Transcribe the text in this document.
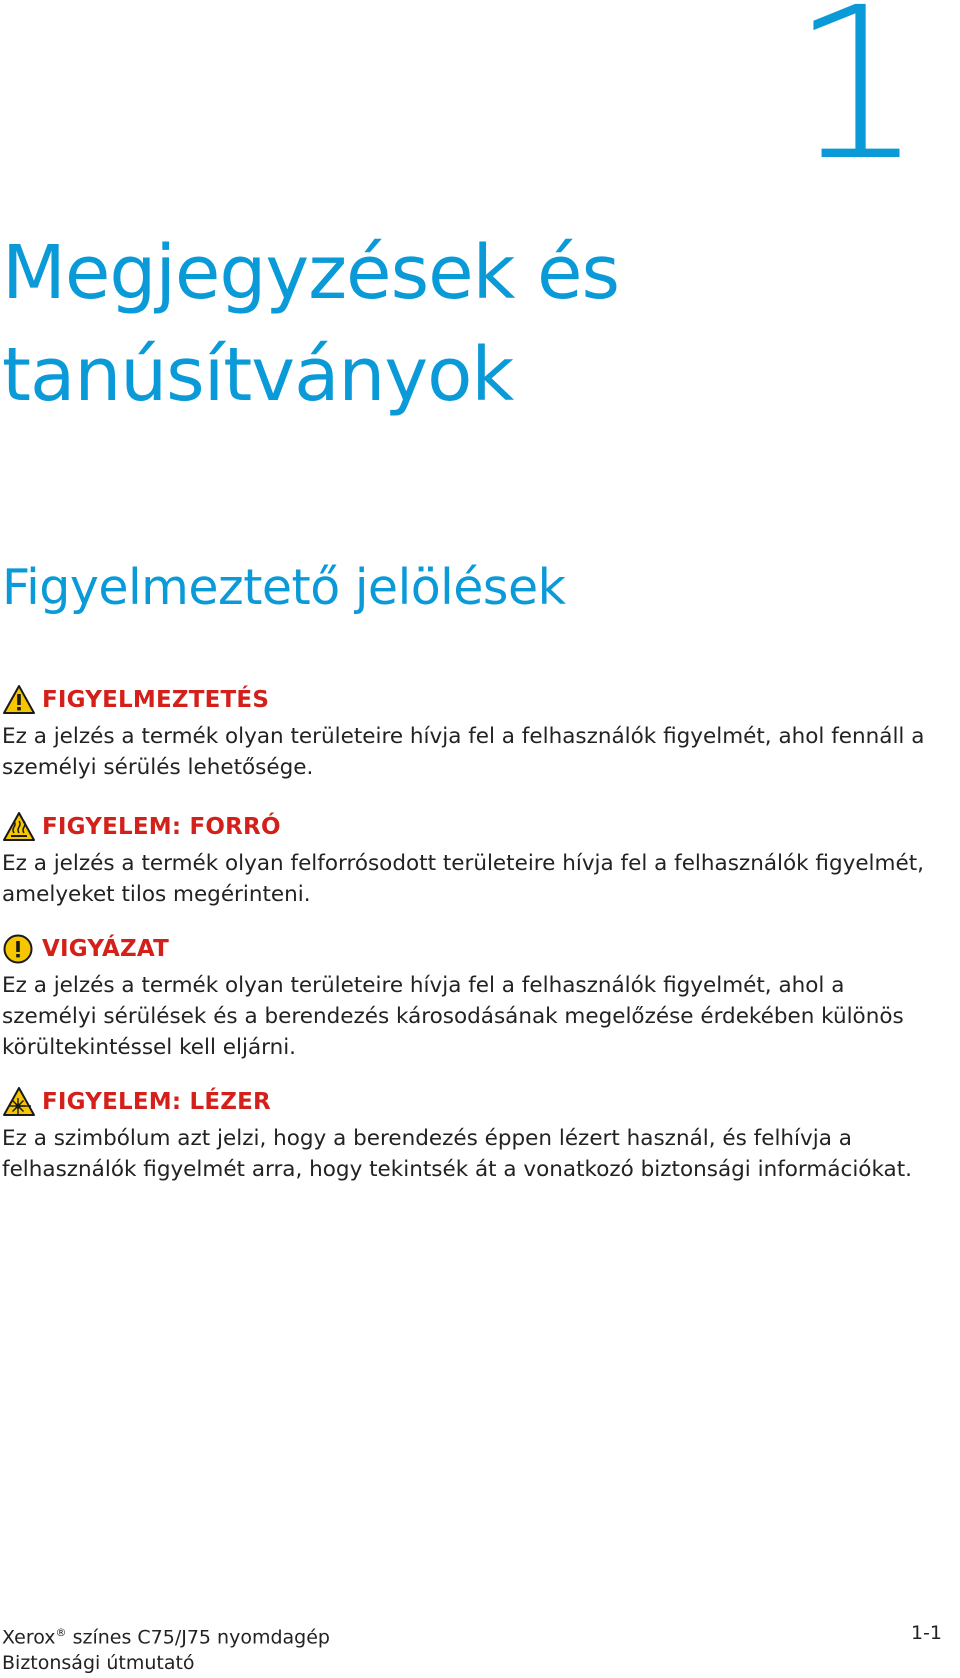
1
Megjegyzések és
tanúsítványok
Figyelmeztető jelölések
FIGYELMEZTETÉS

Ez a jelzés a termék olyan területeire hívja fel a felhasználók figyelmét, ahol fennáll a személyi sérülés lehetősége.

FIGYELEM: FORRÓ

Ez a jelzés a termék olyan felforrósodott területeire hívja fel a felhasználók figyelmét, amelyeket tilos megérinteni.

VIGYÁZAT

Ez a jelzés a termék olyan területeire hívja fel a felhasználók figyelmét, ahol a személyi sérülések és a berendezés károsodásának megelőzése érdekében különös körültekintéssel kell eljárni.

FIGYELEM: LÉZER

Ez a szimbólum azt jelzi, hogy a berendezés éppen lézert használ, és felhívja a felhasználók figyelmét arra, hogy tekintsék át a vonatkozó biztonsági információkat.

Xerox® színes C75/J75 nyomdagép	1-1
Biztonsági útmutató
